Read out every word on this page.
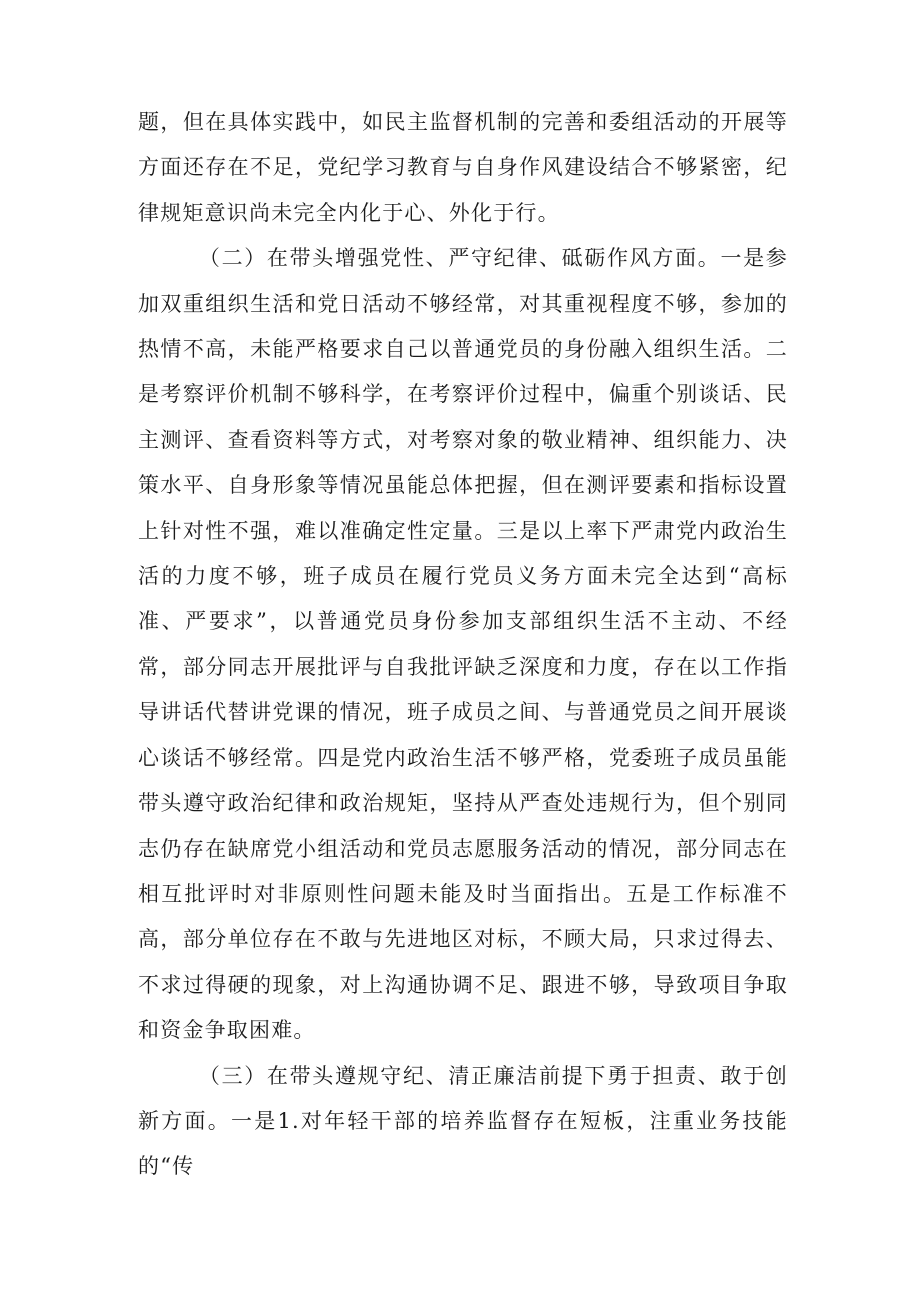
题，但在具体实践中，如民主监督机制的完善和委组活动的开展等方面还存在不足，党纪学习教育与自身作风建设结合不够紧密，纪律规矩意识尚未完全内化于心、外化于行。

（二）在带头增强党性、严守纪律、砥砺作风方面。一是参加双重组织生活和党日活动不够经常，对其重视程度不够，参加的热情不高，未能严格要求自己以普通党员的身份融入组织生活。二是考察评价机制不够科学，在考察评价过程中，偏重个别谈话、民主测评、查看资料等方式，对考察对象的敬业精神、组织能力、决策水平、自身形象等情况虽能总体把握，但在测评要素和指标设置上针对性不强，难以准确定性定量。三是以上率下严肃党内政治生活的力度不够，班子成员在履行党员义务方面未完全达到“高标准、严要求”，以普通党员身份参加支部组织生活不主动、不经常，部分同志开展批评与自我批评缺乏深度和力度，存在以工作指导讲话代替讲党课的情况，班子成员之间、与普通党员之间开展谈心谈话不够经常。四是党内政治生活不够严格，党委班子成员虽能带头遵守政治纪律和政治规矩，坚持从严查处违规行为，但个别同志仍存在缺席党小组活动和党员志愿服务活动的情况，部分同志在相互批评时对非原则性问题未能及时当面指出。五是工作标准不高，部分单位存在不敢与先进地区对标，不顾大局，只求过得去、不求过得硬的现象，对上沟通协调不足、跟进不够，导致项目争取和资金争取困难。

（三）在带头遵规守纪、清正廉洁前提下勇于担责、敢于创新方面。一是1.对年轻干部的培养监督存在短板，注重业务技能的“传
